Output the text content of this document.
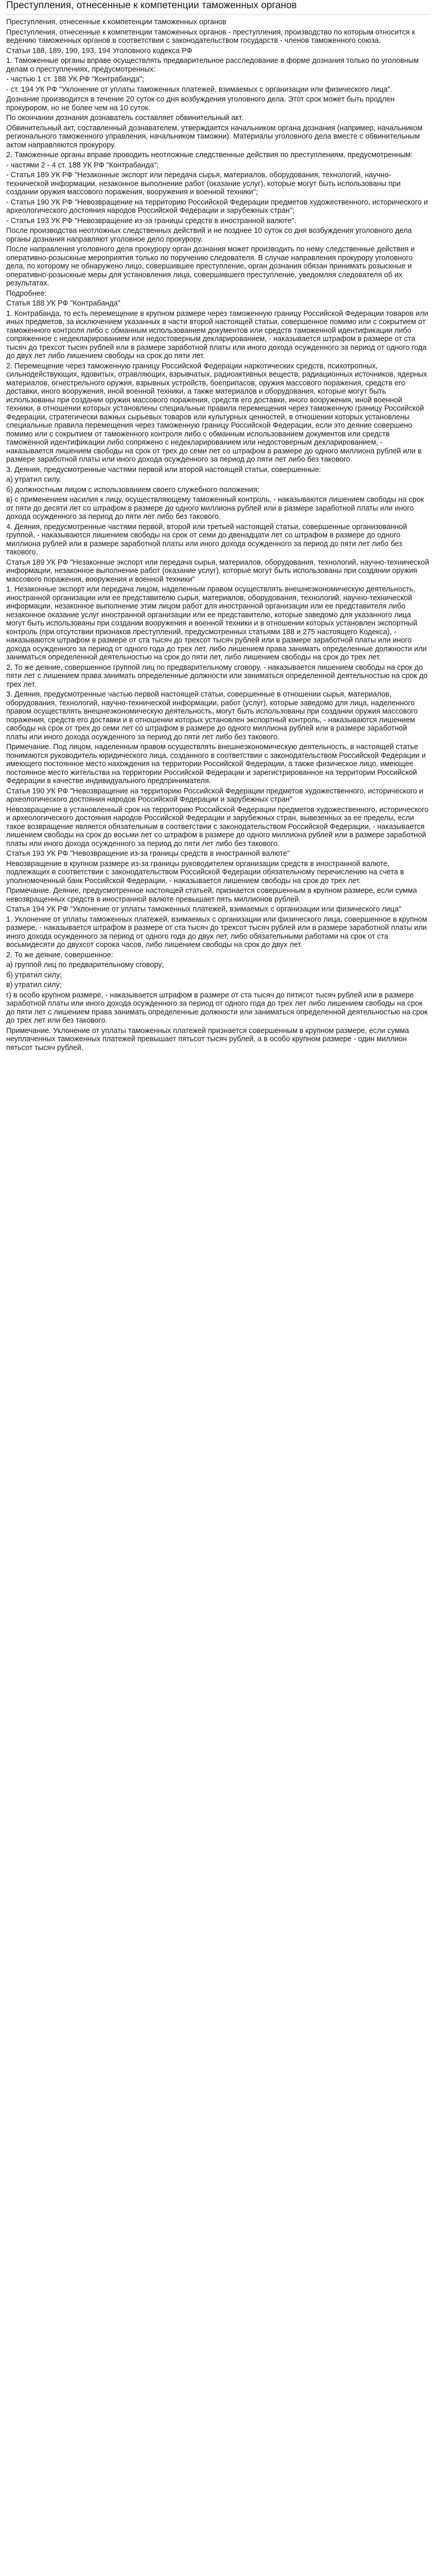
Преступления, отнесенные к компетенции таможенных органов

Преступления, отнесенные к компетенции таможенных органов

Преступления, отнесенные к компетенции таможенных органов - преступления, производство по которым относится к ведению таможенных органов в соответствии с законодательством государств - членов таможенного союза.

Статьи 188, 189, 190, 193, 194 Уголовного кодекса РФ

1. Таможенные органы вправе осуществлять предварительное расследование в форме дознания только по уголовным делам о преступлениях, предусмотренных:

- частью 1 ст. 188 УК РФ "Контрабанда";

- ст. 194 УК РФ "Уклонение от уплаты таможенных платежей, взимаемых с организации или физического лица".

Дознание производится в течение 20 суток со дня возбуждения уголовного дела. Этот срок может быть продлен прокурором, но не более чем на 10 суток.

По окончании дознания дознаватель составляет обвинительный акт.

Обвинительный акт, составленный дознавателем, утверждается начальником органа дознания (например, начальником регионального таможенного управления, начальником таможни). Материалы уголовного дела вместе с обвинительным актом направляются прокурору.

2. Таможенные органы вправе проводить неотложные следственные действия по преступлениям, предусмотренным:

- частями 2 - 4 ст. 188 УК РФ "Контрабанда";

- Статья 189 УК РФ "Незаконные экспорт или передача сырья, материалов, оборудования, технологий, научно-технической информации, незаконное выполнение работ (оказание услуг), которые могут быть использованы при создании оружия массового поражения, вооружения и военной техники";

- Статья 190 УК РФ "Невозвращение на территорию Российской Федерации предметов художественного, исторического и археологического достояния народов Российской Федерации и зарубежных стран";

- Статья 193 УК РФ "Невозвращение из-за границы средств в иностранной валюте".

После производства неотложных следственных действий и не позднее 10 суток со дня возбуждения уголовного дела органы дознания направляют уголовное дело прокурору.

После направления уголовного дела прокурору орган дознания может производить по нему следственные действия и оперативно-розыскные мероприятия только по поручению следователя. В случае направления прокурору уголовного дела, по которому не обнаружено лицо, совершившее преступление, орган дознания обязан принимать розыскные и оперативно-розыскные меры для установления лица, совершившего преступление, уведомляя следователя об их результатах.

Подробнее:

Статья 188 УК РФ "Контрабанда"

1. Контрабанда, то есть перемещение в крупном размере через таможенную границу Российской Федерации товаров или иных предметов, за исключением указанных в части второй настоящей статьи, совершенное помимо или с сокрытием от таможенного контроля либо с обманным использованием документов или средств таможенной идентификации либо сопряженное с недекларированием или недостоверным декларированием, - наказывается штрафом в размере от ста тысяч до трехсот тысяч рублей или в размере заработной платы или иного дохода осужденного за период от одного года до двух лет либо лишением свободы на срок до пяти лет.

2. Перемещение через таможенную границу Российской Федерации наркотических средств, психотропных, сильнодействующих, ядовитых, отравляющих, взрывчатых, радиоактивных веществ, радиационных источников, ядерных материалов, огнестрельного оружия, взрывных устройств, боеприпасов, оружия массового поражения, средств его доставки, иного вооружения, иной военной техники, а также материалов и оборудования, которые могут быть использованы при создании оружия массового поражения, средств его доставки, иного вооружения, иной военной техники, в отношении которых установлены специальные правила перемещения через таможенную границу Российской Федерации, стратегически важных сырьевых товаров или культурных ценностей, в отношении которых установлены специальные правила перемещения через таможенную границу Российской Федерации, если это деяние совершено помимо или с сокрытием от таможенного контроля либо с обманным использованием документов или средств таможенной идентификации либо сопряжено с недекларированием или недостоверным декларированием, - наказывается лишением свободы на срок от трех до семи лет со штрафом в размере до одного миллиона рублей или в размере заработной платы или иного дохода осужденного за период до пяти лет либо без такового.

3. Деяния, предусмотренные частями первой или второй настоящей статьи, совершенные:

а) утратил силу.

б) должностным лицом с использованием своего служебного положения;

в) с применением насилия к лицу, осуществляющему таможенный контроль, - наказываются лишением свободы на срок от пяти до десяти лет со штрафом в размере до одного миллиона рублей или в размере заработной платы или иного дохода осужденного за период до пяти лет либо без такового.

4. Деяния, предусмотренные частями первой, второй или третьей настоящей статьи, совершенные организованной группой, - наказываются лишением свободы на срок от семи до двенадцати лет со штрафом в размере до одного миллиона рублей или в размере заработной платы или иного дохода осужденного за период до пяти лет либо без такового.

Статья 189 УК РФ "Незаконные экспорт или передача сырья, материалов, оборудования, технологий, научно-технической информации, незаконное выполнение работ (оказание услуг), которые могут быть использованы при создании оружия массового поражения, вооружения и военной техники"

1. Незаконные экспорт или передача лицом, наделенным правом осуществлять внешнеэкономическую деятельность, иностранной организации или ее представителю сырья, материалов, оборудования, технологий, научно-технической информации, незаконное выполнение этим лицом работ для иностранной организации или ее представителя либо незаконное оказание услуг иностранной организации или ее представителю, которые заведомо для указанного лица могут быть использованы при создании вооружения и военной техники и в отношении которых установлен экспортный контроль (при отсутствии признаков преступлений, предусмотренных статьями 188 и 275 настоящего Кодекса), - наказываются штрафом в размере от ста тысяч до трехсот тысяч рублей или в размере заработной платы или иного дохода осужденного за период от одного года до трех лет, либо лишением права занимать определенные должности или заниматься определенной деятельностью на срок до пяти лет, либо лишением свободы на срок до трех лет.

2. То же деяние, совершенное группой лиц по предварительному сговору, - наказывается лишением свободы на срок до пяти лет с лишением права занимать определенные должности или заниматься определенной деятельностью на срок до трех лет.

3. Деяния, предусмотренные частью первой настоящей статьи, совершенные в отношении сырья, материалов, оборудования, технологий, научно-технической информации, работ (услуг), которые заведомо для лица, наделенного правом осуществлять внешнеэкономическую деятельность, могут быть использованы при создании оружия массового поражения, средств его доставки и в отношении которых установлен экспортный контроль, - наказываются лишением свободы на срок от трех до семи лет со штрафом в размере до одного миллиона рублей или в размере заработной платы или иного дохода осужденного за период до пяти лет либо без такового.

Примечание. Под лицом, наделенным правом осуществлять внешнеэкономическую деятельность, в настоящей статье понимаются руководитель юридического лица, созданного в соответствии с законодательством Российской Федерации и имеющего постоянное место нахождения на территории Российской Федерации, а также физическое лицо, имеющее постоянное место жительства на территории Российской Федерации и зарегистрированное на территории Российской Федерации в качестве индивидуального предпринимателя.

Статья 190 УК РФ "Невозвращение на территорию Российской Федерации предметов художественного, исторического и археологического достояния народов Российской Федерации и зарубежных стран"

Невозвращение в установленный срок на территорию Российской Федерации предметов художественного, исторического и археологического достояния народов Российской Федерации и зарубежных стран, вывезенных за ее пределы, если такое возвращение является обязательным в соответствии с законодательством Российской Федерации, - наказывается лишением свободы на срок до восьми лет со штрафом в размере до одного миллиона рублей или в размере заработной платы или иного дохода осужденного за период до пяти лет либо без такового.

Статья 193 УК РФ "Невозвращение из-за границы средств в иностранной валюте"

Невозвращение в крупном размере из-за границы руководителем организации средств в иностранной валюте, подлежащих в соответствии с законодательством Российской Федерации обязательному перечислению на счета в уполномоченный банк Российской Федерации, - наказывается лишением свободы на срок до трех лет.

Примечание. Деяние, предусмотренное настоящей статьей, признается совершенным в крупном размере, если сумма невозвращенных средств в иностранной валюте превышает пять миллионов рублей.

Статья 194 УК РФ "Уклонение от уплаты таможенных платежей, взимаемых с организации или физического лица"

1. Уклонение от уплаты таможенных платежей, взимаемых с организации или физического лица, совершенное в крупном размере, - наказывается штрафом в размере от ста тысяч до трехсот тысяч рублей или в размере заработной платы или иного дохода осужденного за период от одного года до двух лет, либо обязательными работами на срок от ста восьмидесяти до двухсот сорока часов, либо лишением свободы на срок до двух лет.

2. То же деяние, совершенное:

а) группой лиц по предварительному сговору;

б) утратил силу;

в) утратил силу;

г) в особо крупном размере, - наказывается штрафом в размере от ста тысяч до пятисот тысяч рублей или в размере заработной платы или иного дохода осужденного за период от одного года до трех лет либо лишением свободы на срок до пяти лет с лишением права занимать определенные должности или заниматься определенной деятельностью на срок до трех лет или без такового.

Примечание. Уклонение от уплаты таможенных платежей признается совершенным в крупном размере, если сумма неуплаченных таможенных платежей превышает пятьсот тысяч рублей, а в особо крупном размере - один миллион пятьсот тысяч рублей.
